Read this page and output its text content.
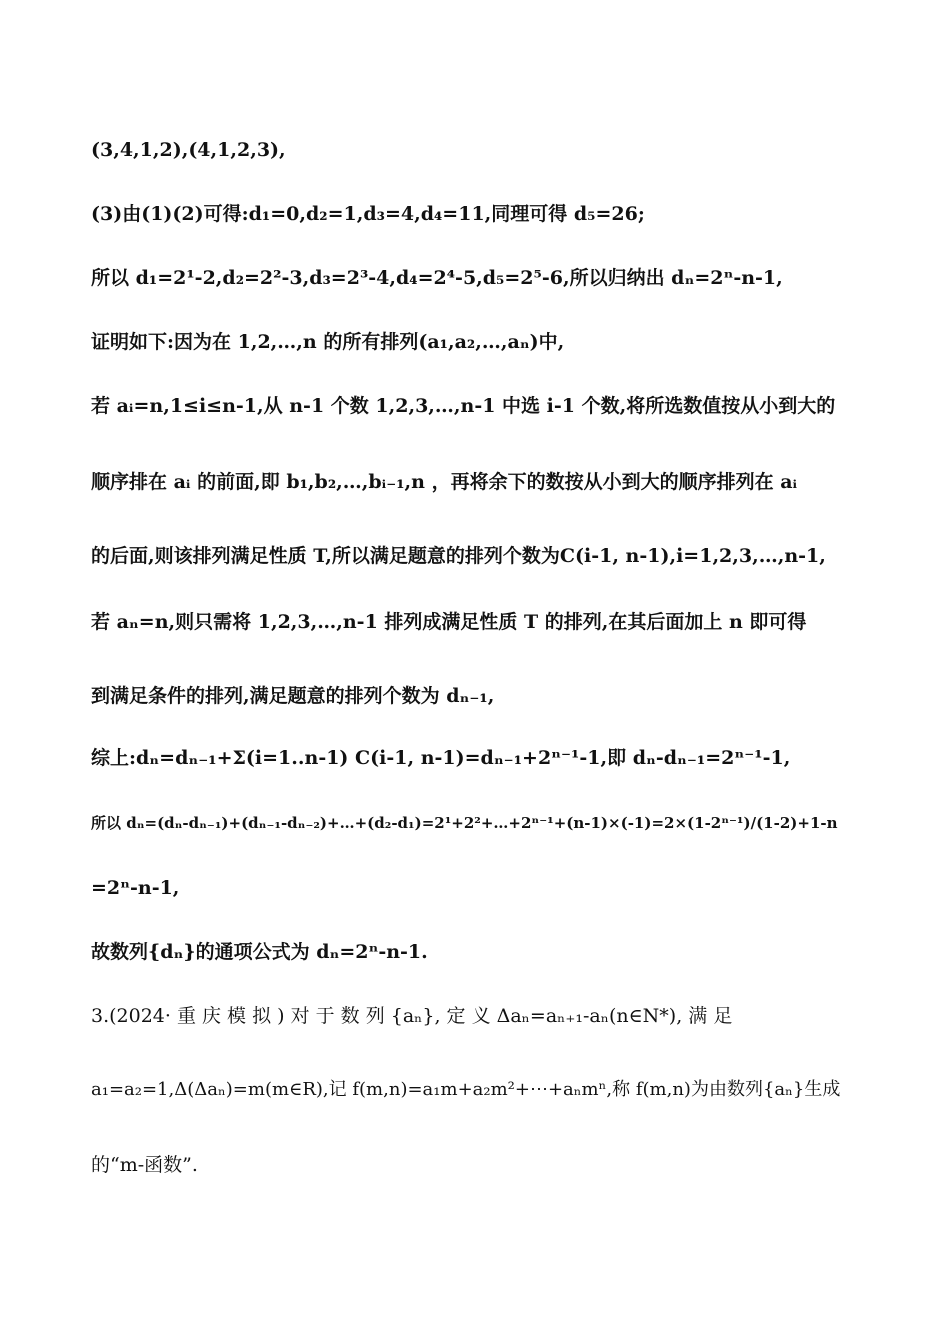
(3,4,1,2),(4,1,2,3),
(3)由(1)(2)可得:d₁=0,d₂=1,d₃=4,d₄=11,同理可得 d₅=26;
所以 d₁=2¹-2,d₂=2²-3,d₃=2³-4,d₄=2⁴-5,d₅=2⁵-6,所以归纳出 dₙ=2ⁿ-n-1,
证明如下:因为在 1,2,…,n 的所有排列(a₁,a₂,…,aₙ)中,
若 aᵢ=n,1≤i≤n-1,从 n-1 个数 1,2,3,…,n-1 中选 i-1 个数,将所选数值按从小到大的
顺序排在 aᵢ 的前面,即 b₁,b₂,…,bᵢ₋₁,n ，再将余下的数按从小到大的顺序排列在 aᵢ
的后面,则该排列满足性质 T,所以满足题意的排列个数为C(i-1, n-1),i=1,2,3,…,n-1,
若 aₙ=n,则只需将 1,2,3,…,n-1 排列成满足性质 T 的排列,在其后面加上 n 即可得
到满足条件的排列,满足题意的排列个数为 dₙ₋₁,
综上:dₙ=dₙ₋₁+Σ(i=1..n-1) C(i-1, n-1)=dₙ₋₁+2ⁿ⁻¹-1,即 dₙ-dₙ₋₁=2ⁿ⁻¹-1,
所以 dₙ=(dₙ-dₙ₋₁)+(dₙ₋₁-dₙ₋₂)+…+(d₂-d₁)=2¹+2²+…+2ⁿ⁻¹+(n-1)×(-1)=2×(1-2ⁿ⁻¹)/(1-2)+1-n
=2ⁿ-n-1,
故数列{dₙ}的通项公式为 dₙ=2ⁿ-n-1.
3.(2024· 重 庆 模 拟 ) 对 于 数 列 {aₙ}, 定 义 Δaₙ=aₙ₊₁-aₙ(n∈N*), 满 足
a₁=a₂=1,Δ(Δaₙ)=m(m∈R),记 f(m,n)=a₁m+a₂m²+⋯+aₙmⁿ,称 f(m,n)为由数列{aₙ}生成
的“m-函数”.
